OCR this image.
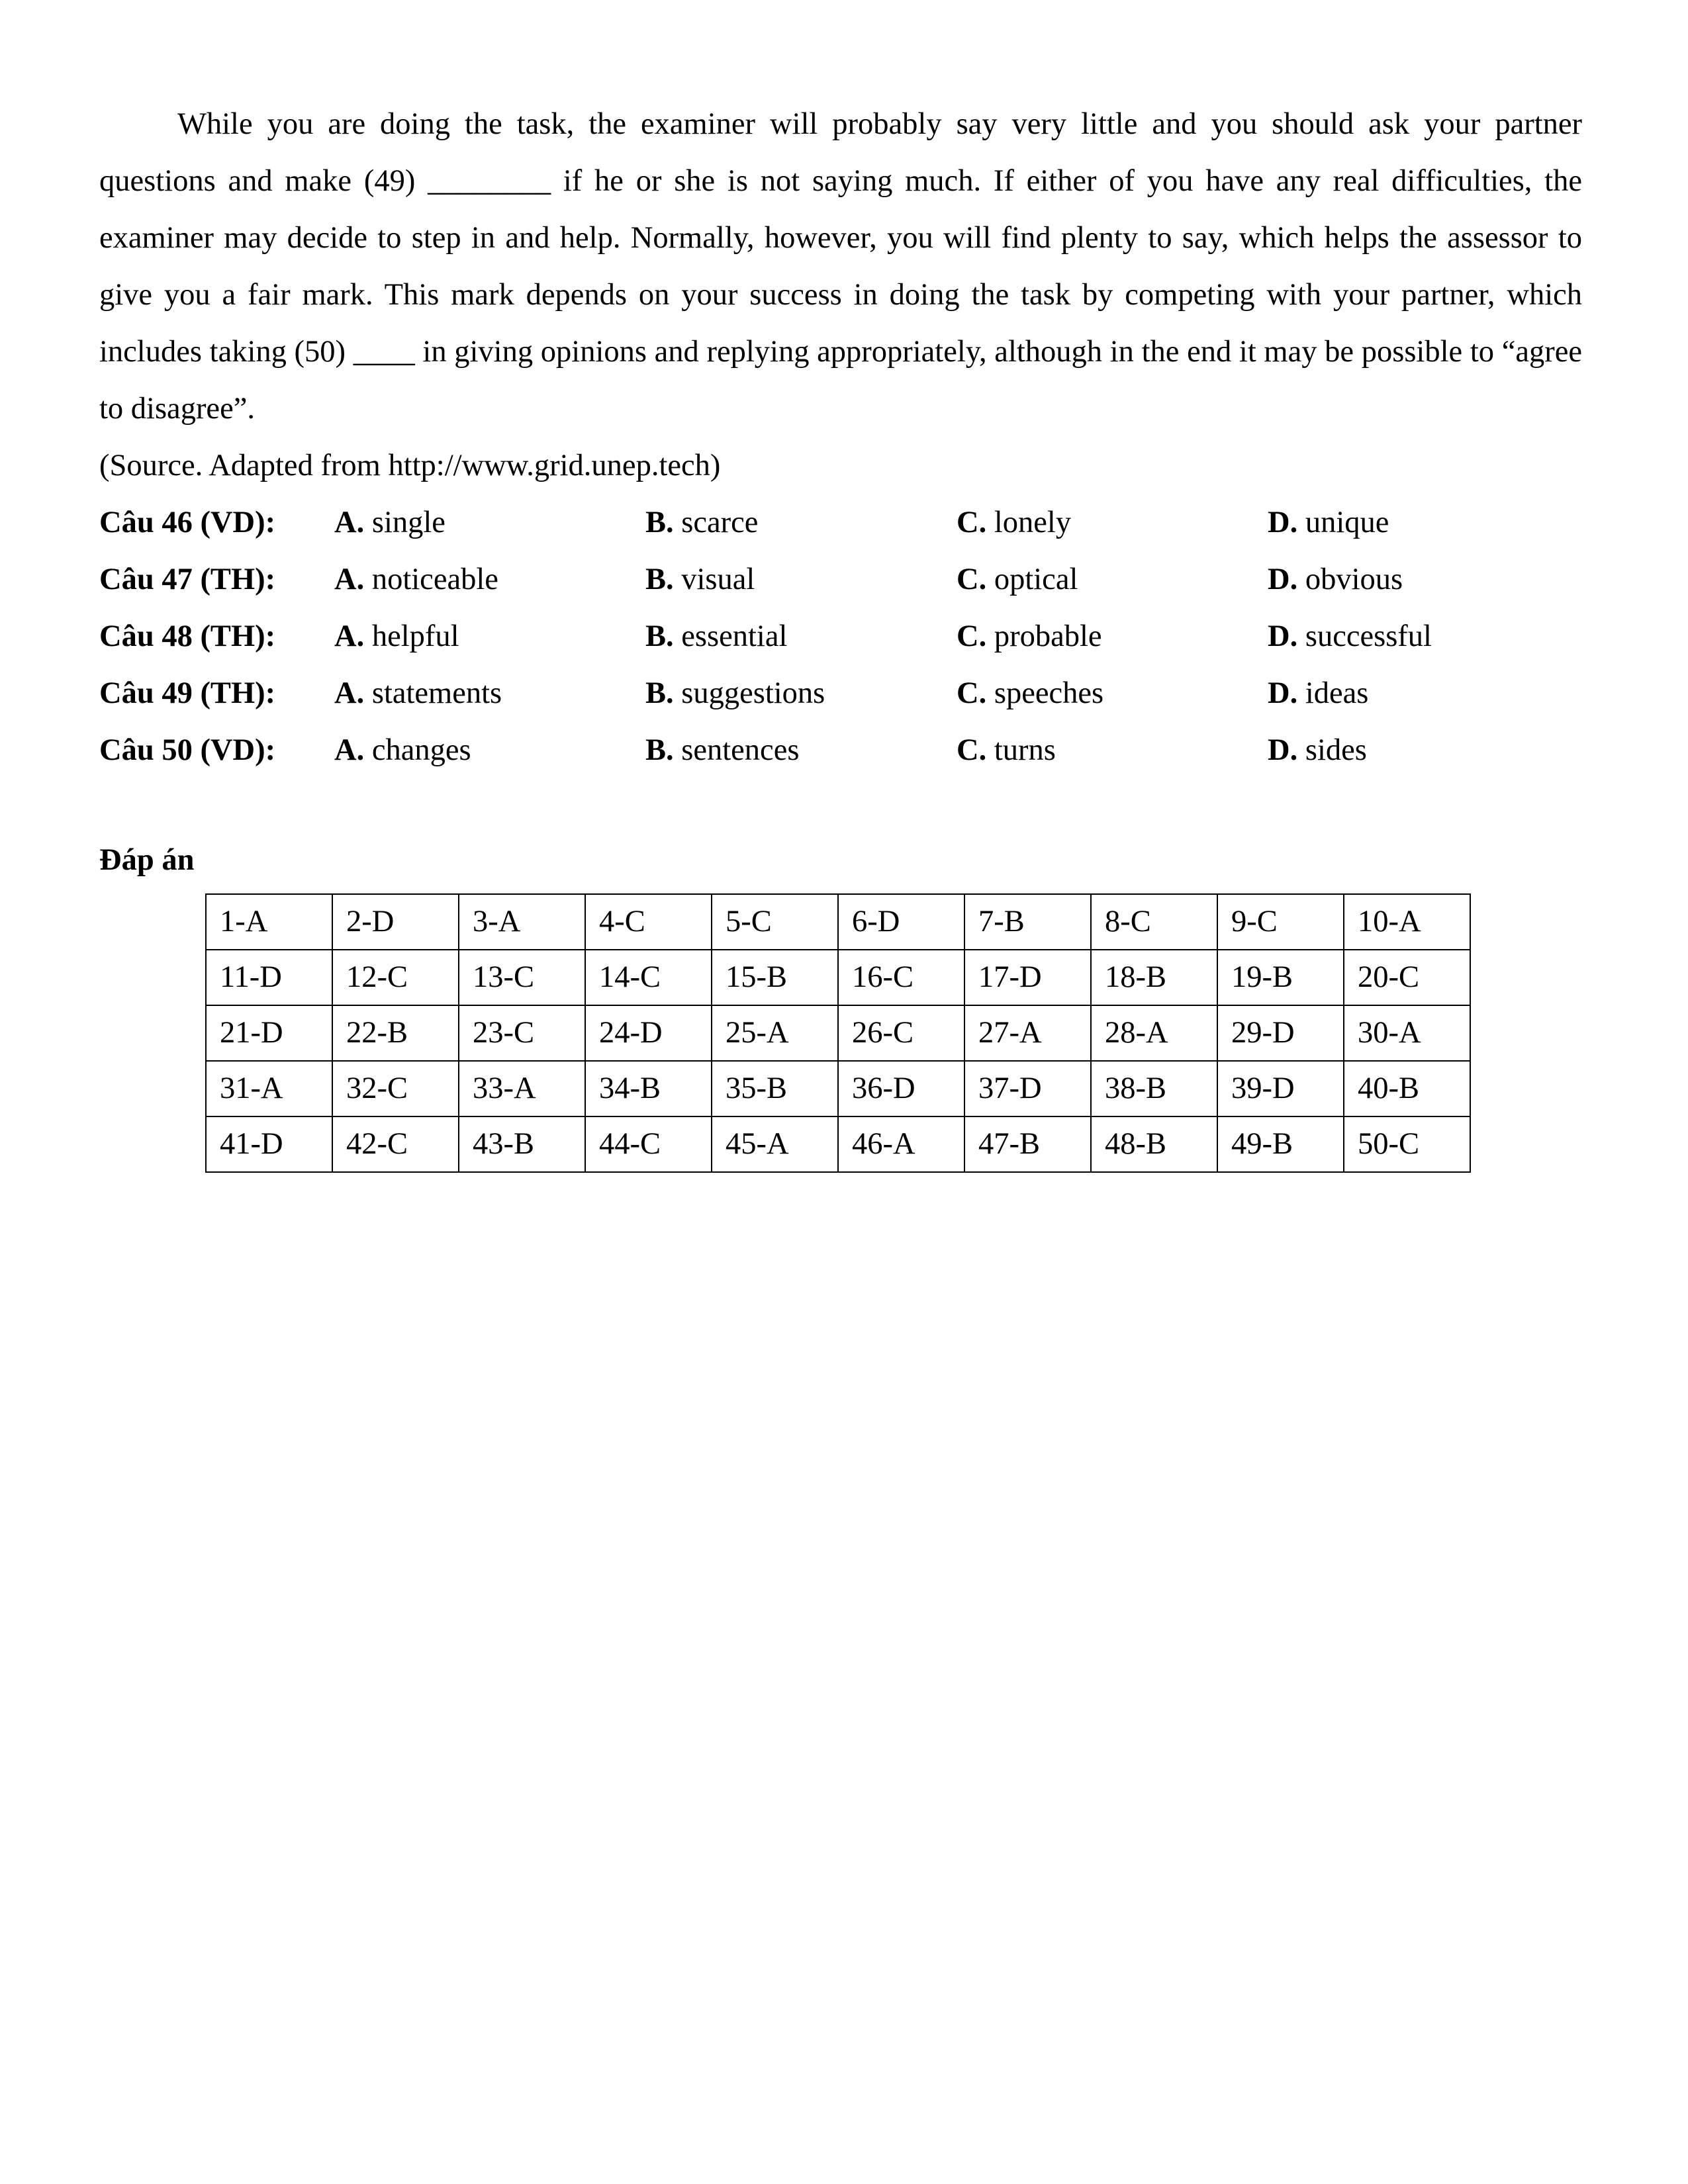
While you are doing the task, the examiner will probably say very little and you should ask your partner questions and make (49) ________ if he or she is not saying much. If either of you have any real difficulties, the examiner may decide to step in and help. Normally, however, you will find plenty to say, which helps the assessor to give you a fair mark. This mark depends on your success in doing the task by competing with your partner, which includes taking (50) ____ in giving opinions and replying appropriately, although in the end it may be possible to “agree to disagree”.

(Source. Adapted from http://www.grid.unep.tech)

Câu 46 (VD): A. single	B. scarce	C. lonely	D. unique
Câu 47 (TH): A. noticeable	B. visual	C. optical	D. obvious
Câu 48 (TH): A. helpful	B. essential	C. probable	D. successful
Câu 49 (TH): A. statements	B. suggestions	C. speeches	D. ideas
Câu 50 (VD): A. changes	B. sentences	C. turns	D. sides
Đáp án
1-A	2-D	3-A	4-C	5-C	6-D	7-B	8-C	9-C	10-A
11-D	12-C	13-C	14-C	15-B	16-C	17-D	18-B	19-B	20-C
21-D	22-B	23-C	24-D	25-A	26-C	27-A	28-A	29-D	30-A
31-A	32-C	33-A	34-B	35-B	36-D	37-D	38-B	39-D	40-B
41-D	42-C	43-B	44-C	45-A	46-A	47-B	48-B	49-B	50-C
